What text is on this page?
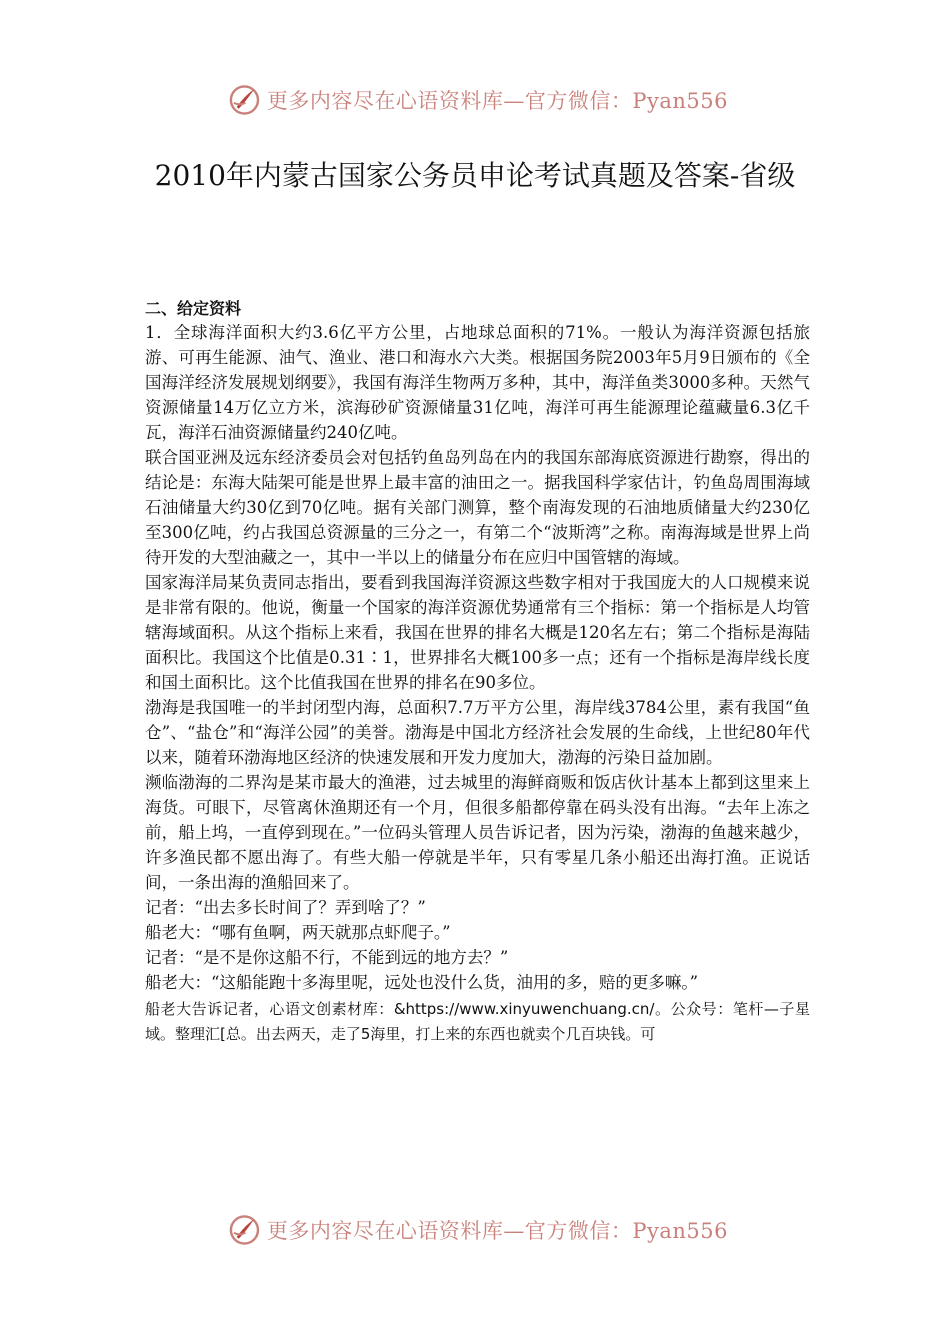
更多内容尽在心语资料库—官方微信：Pyan556
2010年内蒙古国家公务员申论考试真题及答案-省级
二、给定资料

1．全球海洋面积大约3.6亿平方公里，占地球总面积的71%。一般认为海洋资源包括旅游、可再生能源、油气、渔业、港口和海水六大类。根据国务院2003年5月9日颁布的《全国海洋经济发展规划纲要》，我国有海洋生物两万多种，其中，海洋鱼类3000多种。天然气资源储量14万亿立方米，滨海砂矿资源储量31亿吨，海洋可再生能源理论蕴藏量6.3亿千瓦，海洋石油资源储量约240亿吨。

联合国亚洲及远东经济委员会对包括钓鱼岛列岛在内的我国东部海底资源进行勘察，得出的结论是：东海大陆架可能是世界上最丰富的油田之一。据我国科学家估计，钓鱼岛周围海域石油储量大约30亿到70亿吨。据有关部门测算，整个南海发现的石油地质储量大约230亿至300亿吨，约占我国总资源量的三分之一，有第二个“波斯湾”之称。南海海域是世界上尚待开发的大型油藏之一，其中一半以上的储量分布在应归中国管辖的海域。

国家海洋局某负责同志指出，要看到我国海洋资源这些数字相对于我国庞大的人口规模来说是非常有限的。他说，衡量一个国家的海洋资源优势通常有三个指标：第一个指标是人均管辖海域面积。从这个指标上来看，我国在世界的排名大概是120名左右；第二个指标是海陆面积比。我国这个比值是0.31∶1，世界排名大概100多一点；还有一个指标是海岸线长度和国土面积比。这个比值我国在世界的排名在90多位。

渤海是我国唯一的半封闭型内海，总面积7.7万平方公里，海岸线3784公里，素有我国“鱼仓”、“盐仓”和“海洋公园”的美誉。渤海是中国北方经济社会发展的生命线，上世纪80年代以来，随着环渤海地区经济的快速发展和开发力度加大，渤海的污染日益加剧。

濒临渤海的二界沟是某市最大的渔港，过去城里的海鲜商贩和饭店伙计基本上都到这里来上海货。可眼下，尽管离休渔期还有一个月，但很多船都停靠在码头没有出海。“去年上冻之前，船上坞，一直停到现在。”一位码头管理人员告诉记者，因为污染，渤海的鱼越来越少，许多渔民都不愿出海了。有些大船一停就是半年，只有零星几条小船还出海打渔。正说话间，一条出海的渔船回来了。

记者：“出去多长时间了？弄到啥了？”

船老大：“哪有鱼啊，两天就那点虾爬子。”

记者：“是不是你这船不行，不能到远的地方去？”

船老大：“这船能跑十多海里呢，远处也没什么货，油用的多，赔的更多嘛。”

船老大告诉记者，心语文创素材库：&https://www.xinyuwenchuang.cn/。公众号：笔杆—子星域。整理汇[总。出去两天，走了5海里，打上来的东西也就卖个几百块钱。可

更多内容尽在心语资料库—官方微信：Pyan556
